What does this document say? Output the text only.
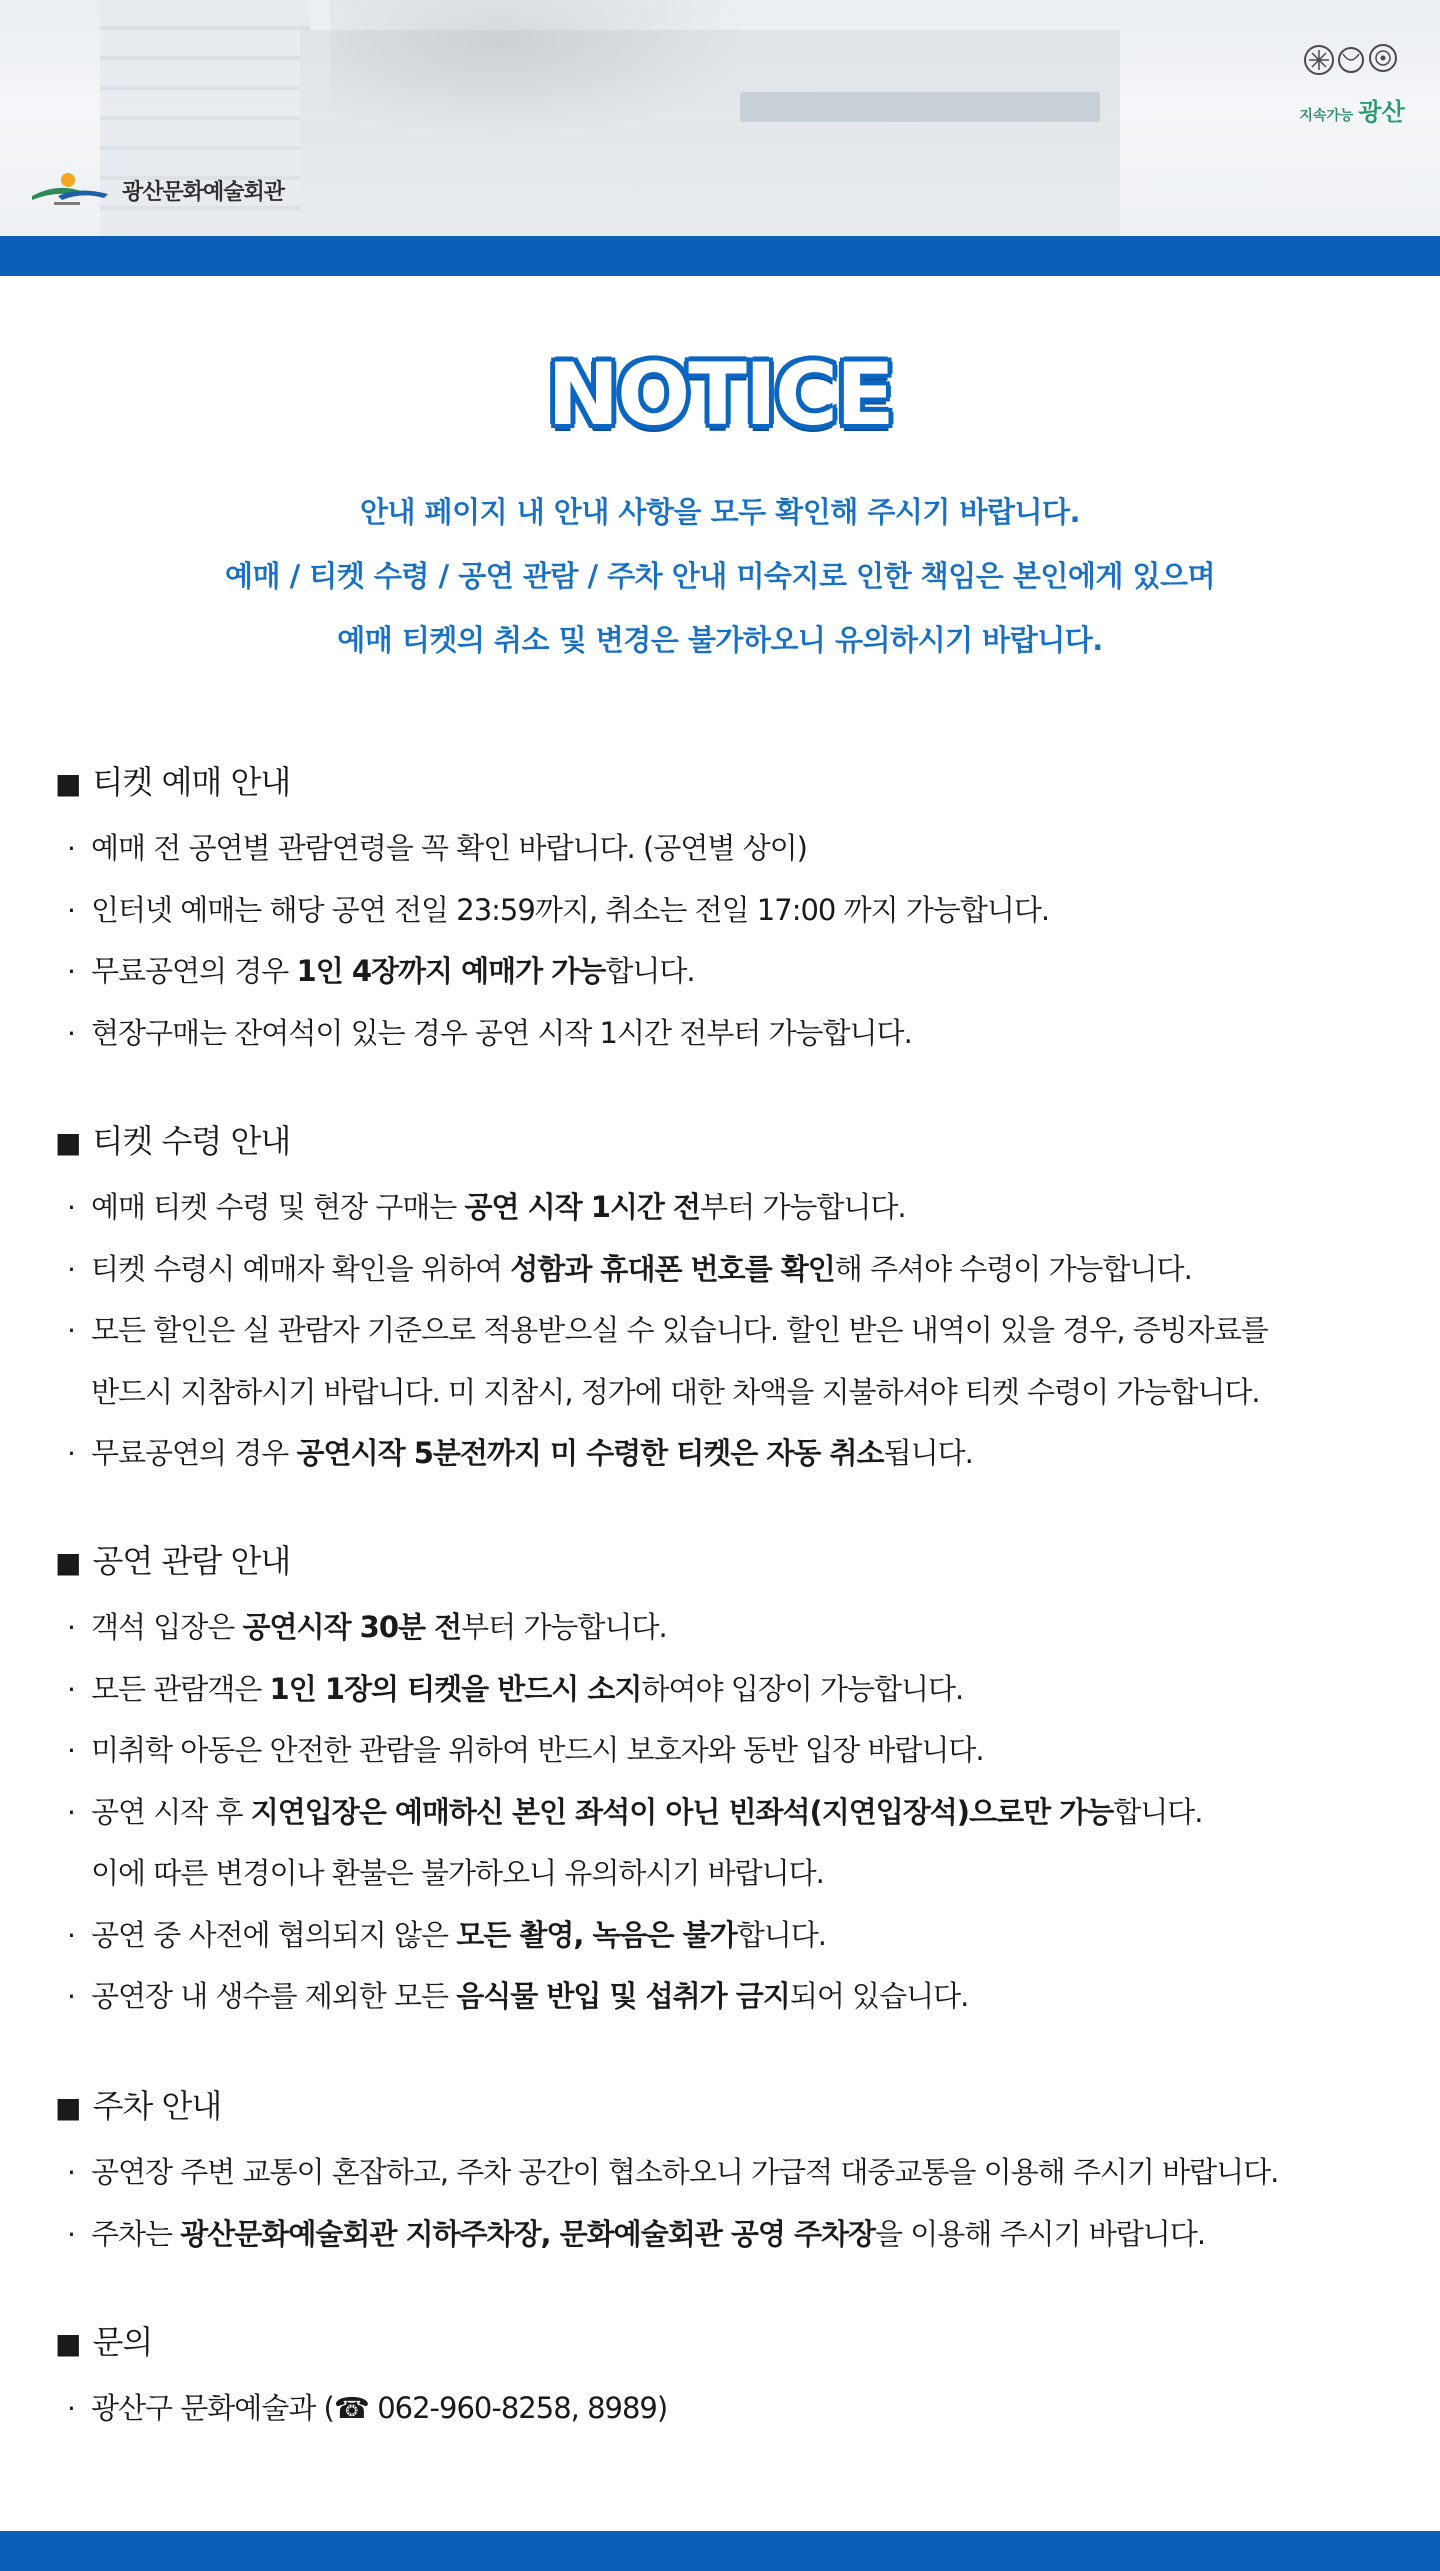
광산문화예술회관
지속가능 광산
NOTICE
안내 페이지 내 안내 사항을 모두 확인해 주시기 바랍니다.
예매 / 티켓 수령 / 공연 관람 / 주차 안내 미숙지로 인한 책임은 본인에게 있으며
예매 티켓의 취소 및 변경은 불가하오니 유의하시기 바랍니다.
■ 티켓 예매 안내
· 예매 전 공연별 관람연령을 꼭 확인 바랍니다. (공연별 상이)
· 인터넷 예매는 해당 공연 전일 23:59까지, 취소는 전일 17:00 까지 가능합니다.
· 무료공연의 경우 1인 4장까지 예매가 가능합니다.
· 현장구매는 잔여석이 있는 경우 공연 시작 1시간 전부터 가능합니다.
■ 티켓 수령 안내
· 예매 티켓 수령 및 현장 구매는 공연 시작 1시간 전부터 가능합니다.
· 티켓 수령시 예매자 확인을 위하여 성함과 휴대폰 번호를 확인해 주셔야 수령이 가능합니다.
· 모든 할인은 실 관람자 기준으로 적용받으실 수 있습니다. 할인 받은 내역이 있을 경우, 증빙자료를
반드시 지참하시기 바랍니다. 미 지참시, 정가에 대한 차액을 지불하셔야 티켓 수령이 가능합니다.
· 무료공연의 경우 공연시작 5분전까지 미 수령한 티켓은 자동 취소됩니다.
■ 공연 관람 안내
· 객석 입장은 공연시작 30분 전부터 가능합니다.
· 모든 관람객은 1인 1장의 티켓을 반드시 소지하여야 입장이 가능합니다.
· 미취학 아동은 안전한 관람을 위하여 반드시 보호자와 동반 입장 바랍니다.
· 공연 시작 후 지연입장은 예매하신 본인 좌석이 아닌 빈좌석(지연입장석)으로만 가능합니다.
이에 따른 변경이나 환불은 불가하오니 유의하시기 바랍니다.
· 공연 중 사전에 협의되지 않은 모든 촬영, 녹음은 불가합니다.
· 공연장 내 생수를 제외한 모든 음식물 반입 및 섭취가 금지되어 있습니다.
■ 주차 안내
· 공연장 주변 교통이 혼잡하고, 주차 공간이 협소하오니 가급적 대중교통을 이용해 주시기 바랍니다.
· 주차는 광산문화예술회관 지하주차장, 문화예술회관 공영 주차장을 이용해 주시기 바랍니다.
■ 문의
· 광산구 문화예술과 (☎ 062-960-8258, 8989)
